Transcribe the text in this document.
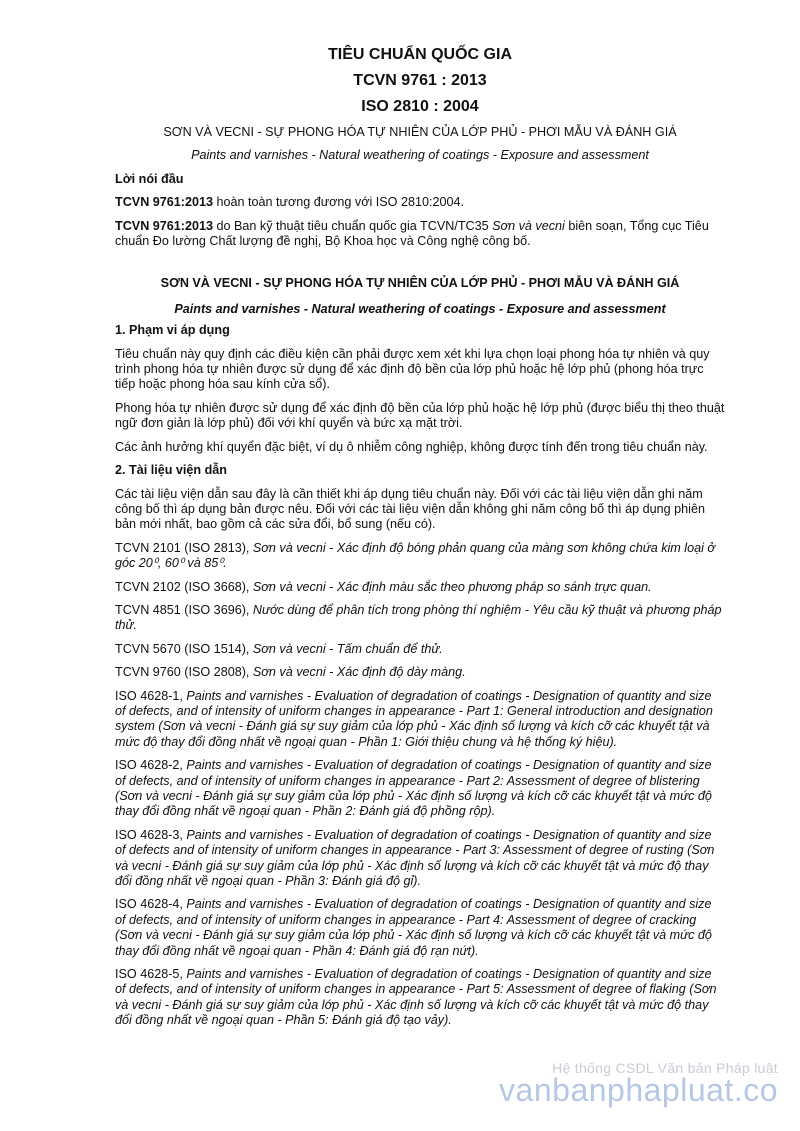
TIÊU CHUẨN QUỐC GIA
TCVN 9761 : 2013
ISO 2810 : 2004
SƠN VÀ VECNI - SỰ PHONG HÓA TỰ NHIÊN CỦA LỚP PHỦ - PHƠI MẪU VÀ ĐÁNH GIÁ
Paints and varnishes - Natural weathering of coatings - Exposure and assessment

Lời nói đầu

TCVN 9761:2013 hoàn toàn tương đương với ISO 2810:2004.

TCVN 9761:2013 do Ban kỹ thuật tiêu chuẩn quốc gia TCVN/TC35 Sơn và vecni biên soạn, Tổng cục Tiêu chuẩn Đo lường Chất lượng đề nghị, Bộ Khoa học và Công nghệ công bố.

SƠN VÀ VECNI - SỰ PHONG HÓA TỰ NHIÊN CỦA LỚP PHỦ - PHƠI MẪU VÀ ĐÁNH GIÁ

Paints and varnishes - Natural weathering of coatings - Exposure and assessment

1. Phạm vi áp dụng

Tiêu chuẩn này quy định các điều kiện cần phải được xem xét khi lựa chọn loại phong hóa tự nhiên và quy trình phong hóa tự nhiên được sử dụng để xác định độ bền của lớp phủ hoặc hệ lớp phủ (phong hóa trực tiếp hoặc phong hóa sau kính cửa sổ).

Phong hóa tự nhiên được sử dụng để xác định độ bền của lớp phủ hoặc hệ lớp phủ (được biểu thị theo thuật ngữ đơn giản là lớp phủ) đối với khí quyển và bức xạ mặt trời.

Các ảnh hưởng khí quyển đặc biệt, ví dụ ô nhiễm công nghiệp, không được tính đến trong tiêu chuẩn này.

2. Tài liệu viện dẫn

Các tài liệu viện dẫn sau đây là cần thiết khi áp dụng tiêu chuẩn này. Đối với các tài liệu viện dẫn ghi năm công bố thì áp dụng bản được nêu. Đối với các tài liệu viện dẫn không ghi năm công bố thì áp dụng phiên bản mới nhất, bao gồm cả các sửa đổi, bổ sung (nếu có).

TCVN 2101 (ISO 2813), Sơn và vecni - Xác định độ bóng phản quang của màng sơn không chứa kim loại ở góc 20⁰, 60⁰ và 85⁰.

TCVN 2102 (ISO 3668), Sơn và vecni - Xác định màu sắc theo phương pháp so sánh trực quan.

TCVN 4851 (ISO 3696), Nước dùng để phân tích trong phòng thí nghiệm - Yêu cầu kỹ thuật và phương pháp thử.

TCVN 5670 (ISO 1514), Sơn và vecni - Tấm chuẩn để thử.

TCVN 9760 (ISO 2808), Sơn và vecni - Xác định độ dày màng.

ISO 4628-1, Paints and varnishes - Evaluation of degradation of coatings - Designation of quantity and size of defects, and of intensity of uniform changes in appearance - Part 1: General introduction and designation system (Sơn và vecni - Đánh giá sự suy giảm của lớp phủ - Xác định số lượng và kích cỡ các khuyết tật và mức độ thay đổi đồng nhất về ngoại quan - Phần 1: Giới thiệu chung và hệ thống ký hiệu).

ISO 4628-2, Paints and varnishes - Evaluation of degradation of coatings - Designation of quantity and size of defects, and of intensity of uniform changes in appearance - Part 2: Assessment of degree of blistering (Sơn và vecni - Đánh giá sự suy giảm của lớp phủ - Xác định số lượng và kích cỡ các khuyết tật và mức độ thay đổi đồng nhất về ngoại quan - Phần 2: Đánh giá độ phồng rộp).

ISO 4628-3, Paints and varnishes - Evaluation of degradation of coatings - Designation of quantity and size of defects and of intensity of uniform changes in appearance - Part 3: Assessment of degree of rusting (Sơn và vecni - Đánh giá sự suy giảm của lớp phủ - Xác định số lượng và kích cỡ các khuyết tật và mức độ thay đổi đồng nhất về ngoại quan - Phần 3: Đánh giá độ gỉ).

ISO 4628-4, Paints and varnishes - Evaluation of degradation of coatings - Designation of quantity and size of defects, and of intensity of uniform changes in appearance - Part 4: Assessment of degree of cracking (Sơn và vecni - Đánh giá sự suy giảm của lớp phủ - Xác định số lượng và kích cỡ các khuyết tật và mức độ thay đổi đồng nhất về ngoại quan - Phần 4: Đánh giá độ rạn nứt).

ISO 4628-5, Paints and varnishes - Evaluation of degradation of coatings - Designation of quantity and size of defects, and of intensity of uniform changes in appearance - Part 5: Assessment of degree of flaking (Sơn và vecni - Đánh giá sự suy giảm của lớp phủ - Xác định số lượng và kích cỡ các khuyết tật và mức độ thay đổi đồng nhất về ngoại quan - Phần 5: Đánh giá độ tạo vảy).

Hệ thống CSDL Văn bản Pháp luật
vanbanphapluat.co
